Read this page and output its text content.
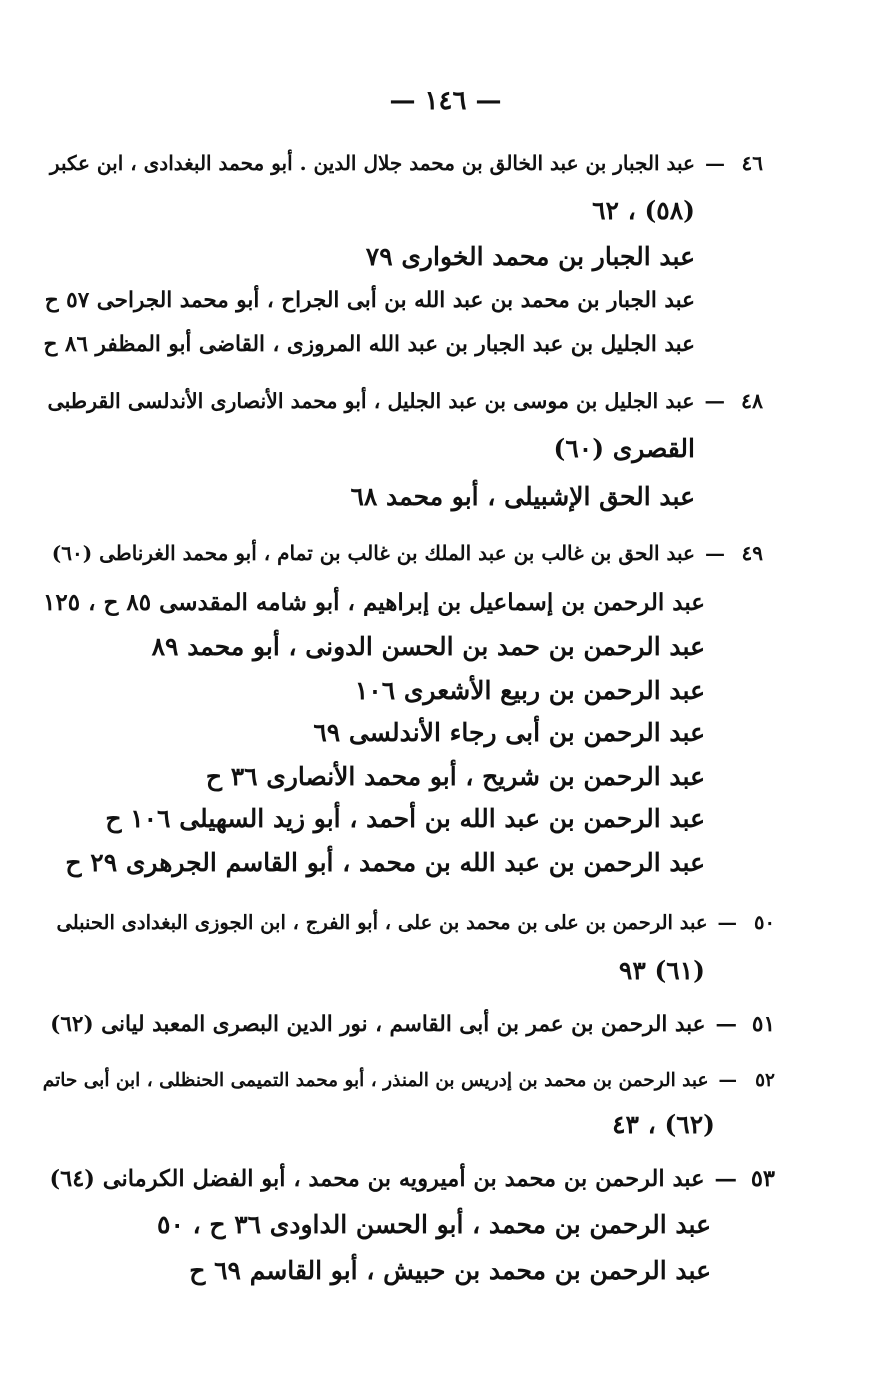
— ١٤٦ —
٤٦—عبد الجبار بن عبد الخالق بن محمد جلال الدين . أبو محمد البغدادى ، ابن عكبر
(٥٨) ، ٦٢
عبد الجبار بن محمد الخوارى ٧٩
عبد الجبار بن محمد بن عبد الله بن أبى الجراح ، أبو محمد الجراحى ٥٧ ح
عبد الجليل بن عبد الجبار بن عبد الله المروزى ، القاضى أبو المظفر ٨٦ ح
٤٨—عبد الجليل بن موسى بن عبد الجليل ، أبو محمد الأنصارى الأندلسى القرطبى
القصرى (٦٠)
عبد الحق الإشبيلى ، أبو محمد ٦٨
٤٩—عبد الحق بن غالب بن عبد الملك بن غالب بن تمام ، أبو محمد الغرناطى (٦٠)
عبد الرحمن بن إسماعيل بن إبراهيم ، أبو شامه المقدسى ٨٥ ح ، ١٢٥
عبد الرحمن بن حمد بن الحسن الدونى ، أبو محمد ٨٩
عبد الرحمن بن ربيع الأشعرى ١٠٦
عبد الرحمن بن أبى رجاء الأندلسى ٦٩
عبد الرحمن بن شريح ، أبو محمد الأنصارى ٣٦ ح
عبد الرحمن بن عبد الله بن أحمد ، أبو زيد السهيلى ١٠٦ ح
عبد الرحمن بن عبد الله بن محمد ، أبو القاسم الجرهرى ٢٩ ح
٥٠—عبد الرحمن بن على بن محمد بن على ، أبو الفرج ، ابن الجوزى البغدادى الحنبلى
(٦١) ٩٣
٥١—عبد الرحمن بن عمر بن أبى القاسم ، نور الدين البصرى المعبد ليانى (٦٢)
٥٢—عبد الرحمن بن محمد بن إدريس بن المنذر ، أبو محمد التميمى الحنظلى ، ابن أبى حاتم
(٦٢) ، ٤٣
٥٣—عبد الرحمن بن محمد بن أميرويه بن محمد ، أبو الفضل الكرمانى (٦٤)
عبد الرحمن بن محمد ، أبو الحسن الداودى ٣٦ ح ، ٥٠
عبد الرحمن بن محمد بن حبيش ، أبو القاسم ٦٩ ح
